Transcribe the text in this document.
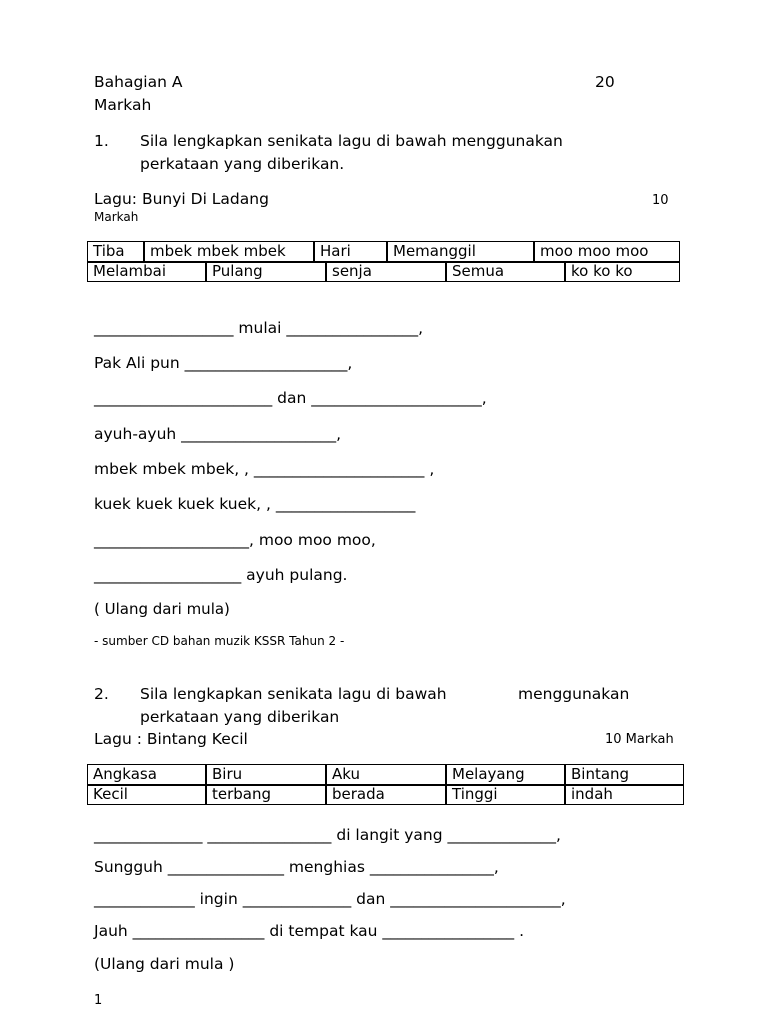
Bahagian A	20
Markah
1. Sila lengkapkan senikata lagu di bawah menggunakan
perkataan yang diberikan.
Lagu: Bunyi Di Ladang	10
Markah
Tiba	mbek mbek mbek	Hari	Memanggil	moo moo moo
Melambai	Pulang	senja	Semua	ko ko ko
__________________ mulai _________________,
Pak Ali pun _____________________,
_______________________ dan ______________________,
ayuh-ayuh ____________________,
mbek mbek mbek, , ______________________ ,
kuek kuek kuek kuek, , __________________
____________________, moo moo moo,
___________________ ayuh pulang.
( Ulang dari mula)
- sumber CD bahan muzik KSSR Tahun 2 -
2. Sila lengkapkan senikata lagu di bawah	menggunakan
perkataan yang diberikan
Lagu : Bintang Kecil	10 Markah
Angkasa	Biru	Aku	Melayang	Bintang
Kecil	terbang	berada	Tinggi	indah
______________ ________________ di langit yang ______________,
Sungguh _______________ menghias ________________,
_____________ ingin ______________ dan ______________________,
Jauh _________________ di tempat kau _________________ .
(Ulang dari mula )
1
